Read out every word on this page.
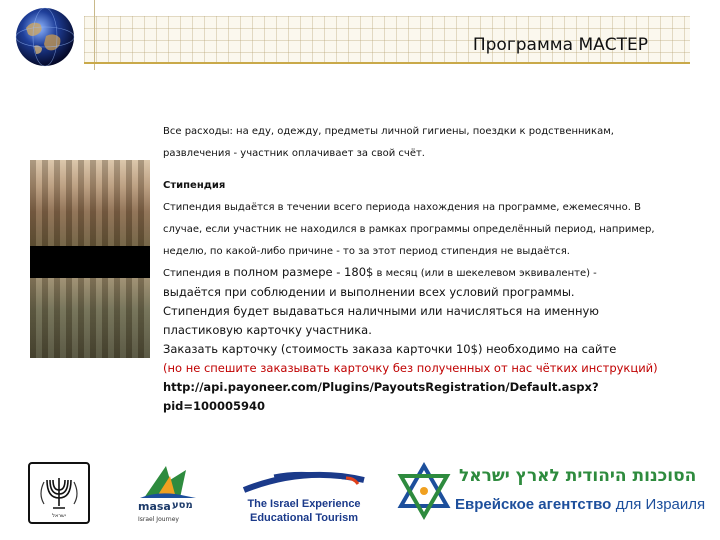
Программа МАСТЕР

Все расходы: на еду, одежду, предметы личной гигиены, поездки к родственникам,

развлечения - участник оплачивает за свой счёт.

Стипендия

Стипендия выдаётся в течении всего периода нахождения на программе, ежемесячно. В

случае, если участник не находился в рамках программы определённый период, например,

неделю, по какой-либо причине - то за этот период стипендия не выдаётся.

Стипендия в полном размере - 180$ в месяц (или в шекелевом эквиваленте) -

выдаётся при соблюдении и выполнении всех условий программы.

Стипендия будет выдаваться наличными или начисляться на именную

пластиковую карточку участника.

Заказать карточку (стоимость заказа карточки 10$) необходимо на сайте

(но не спешите заказывать карточку без полученных от нас чётких инструкций)

http://api.payoneer.com/Plugins/PayoutsRegistration/Default.aspx?

pid=100005940

ישראל
masa מסע
Israel Journey
The Israel Experience
Educational Tourism
הסוכנות היהודית לארץ ישראל
Еврейское агентство для Израиля
